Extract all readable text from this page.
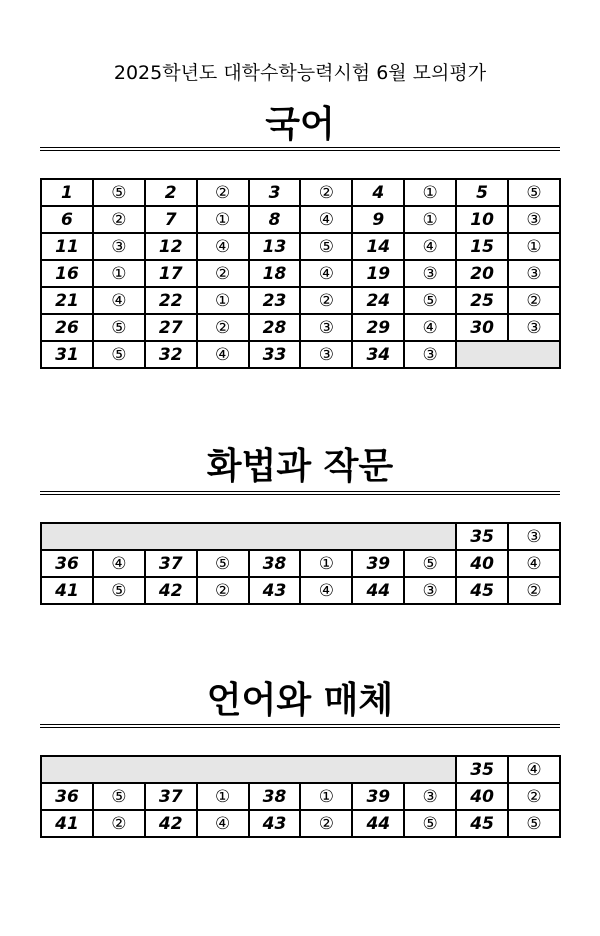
2025학년도 대학수학능력시험 6월 모의평가
국어
1	⑤	2	②	3	②	4	①	5	⑤
6	②	7	①	8	④	9	①	10	③
11	③	12	④	13	⑤	14	④	15	①
16	①	17	②	18	④	19	③	20	③
21	④	22	①	23	②	24	⑤	25	②
26	⑤	27	②	28	③	29	④	30	③
31	⑤	32	④	33	③	34	③		
화법과 작문
								35	③
36	④	37	⑤	38	①	39	⑤	40	④
41	⑤	42	②	43	④	44	③	45	②
언어와 매체
								35	④
36	⑤	37	①	38	①	39	③	40	②
41	②	42	④	43	②	44	⑤	45	⑤
